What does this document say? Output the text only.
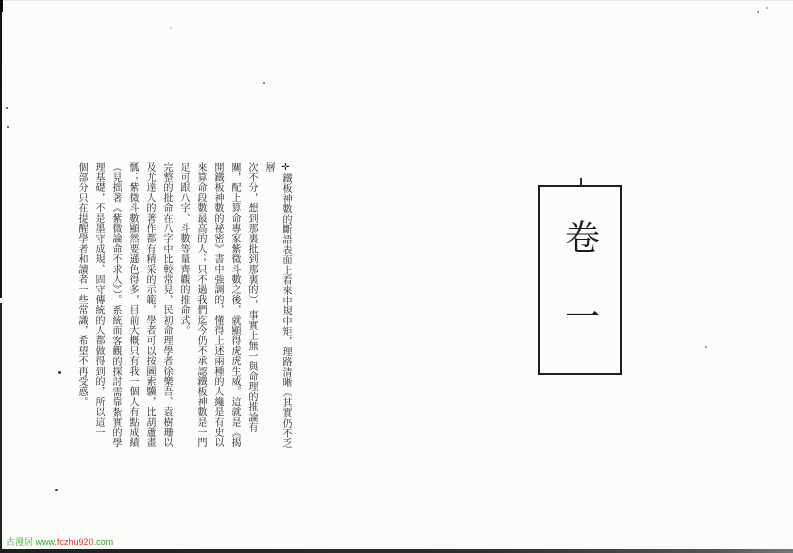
✛鐵板神數的斷語表面上看來中規中矩，理路清晰（其實仍不乏層
次不分，想到那裏批到那裏的），事實上無一與命理的推論有
關，配上算命專家紫微斗數之後，就顯得虎虎生威。這就是《揭
開鐵板神數的祕密》書中強調的，懂得上述兩種的人纔是有史以
來算命段數最高的人；只不過我們迄今仍不承認鐵板神數是一門
足可跟八字、斗數等量齊觀的推命式。
完整的批命在八字中比較常見，民初命理學者徐樂吾、袁樹珊以
及尤達人的著作都有精采的示範，學者可以按圖索驥，比葫蘆畫
瓢；紫微斗數顯然要遜色得多，目前大概只有我一個人有點成績
（見拙著《紫微論命不求人》）。系統而客觀的探討需靠紮實的學
理基礎，不是墨守成規、固守傳統的人都做得到的，所以這一
個部分只在提醒學者和讀者一些常識，希望不再受惑。	卷一
古漫居 www.fczhu920.com
